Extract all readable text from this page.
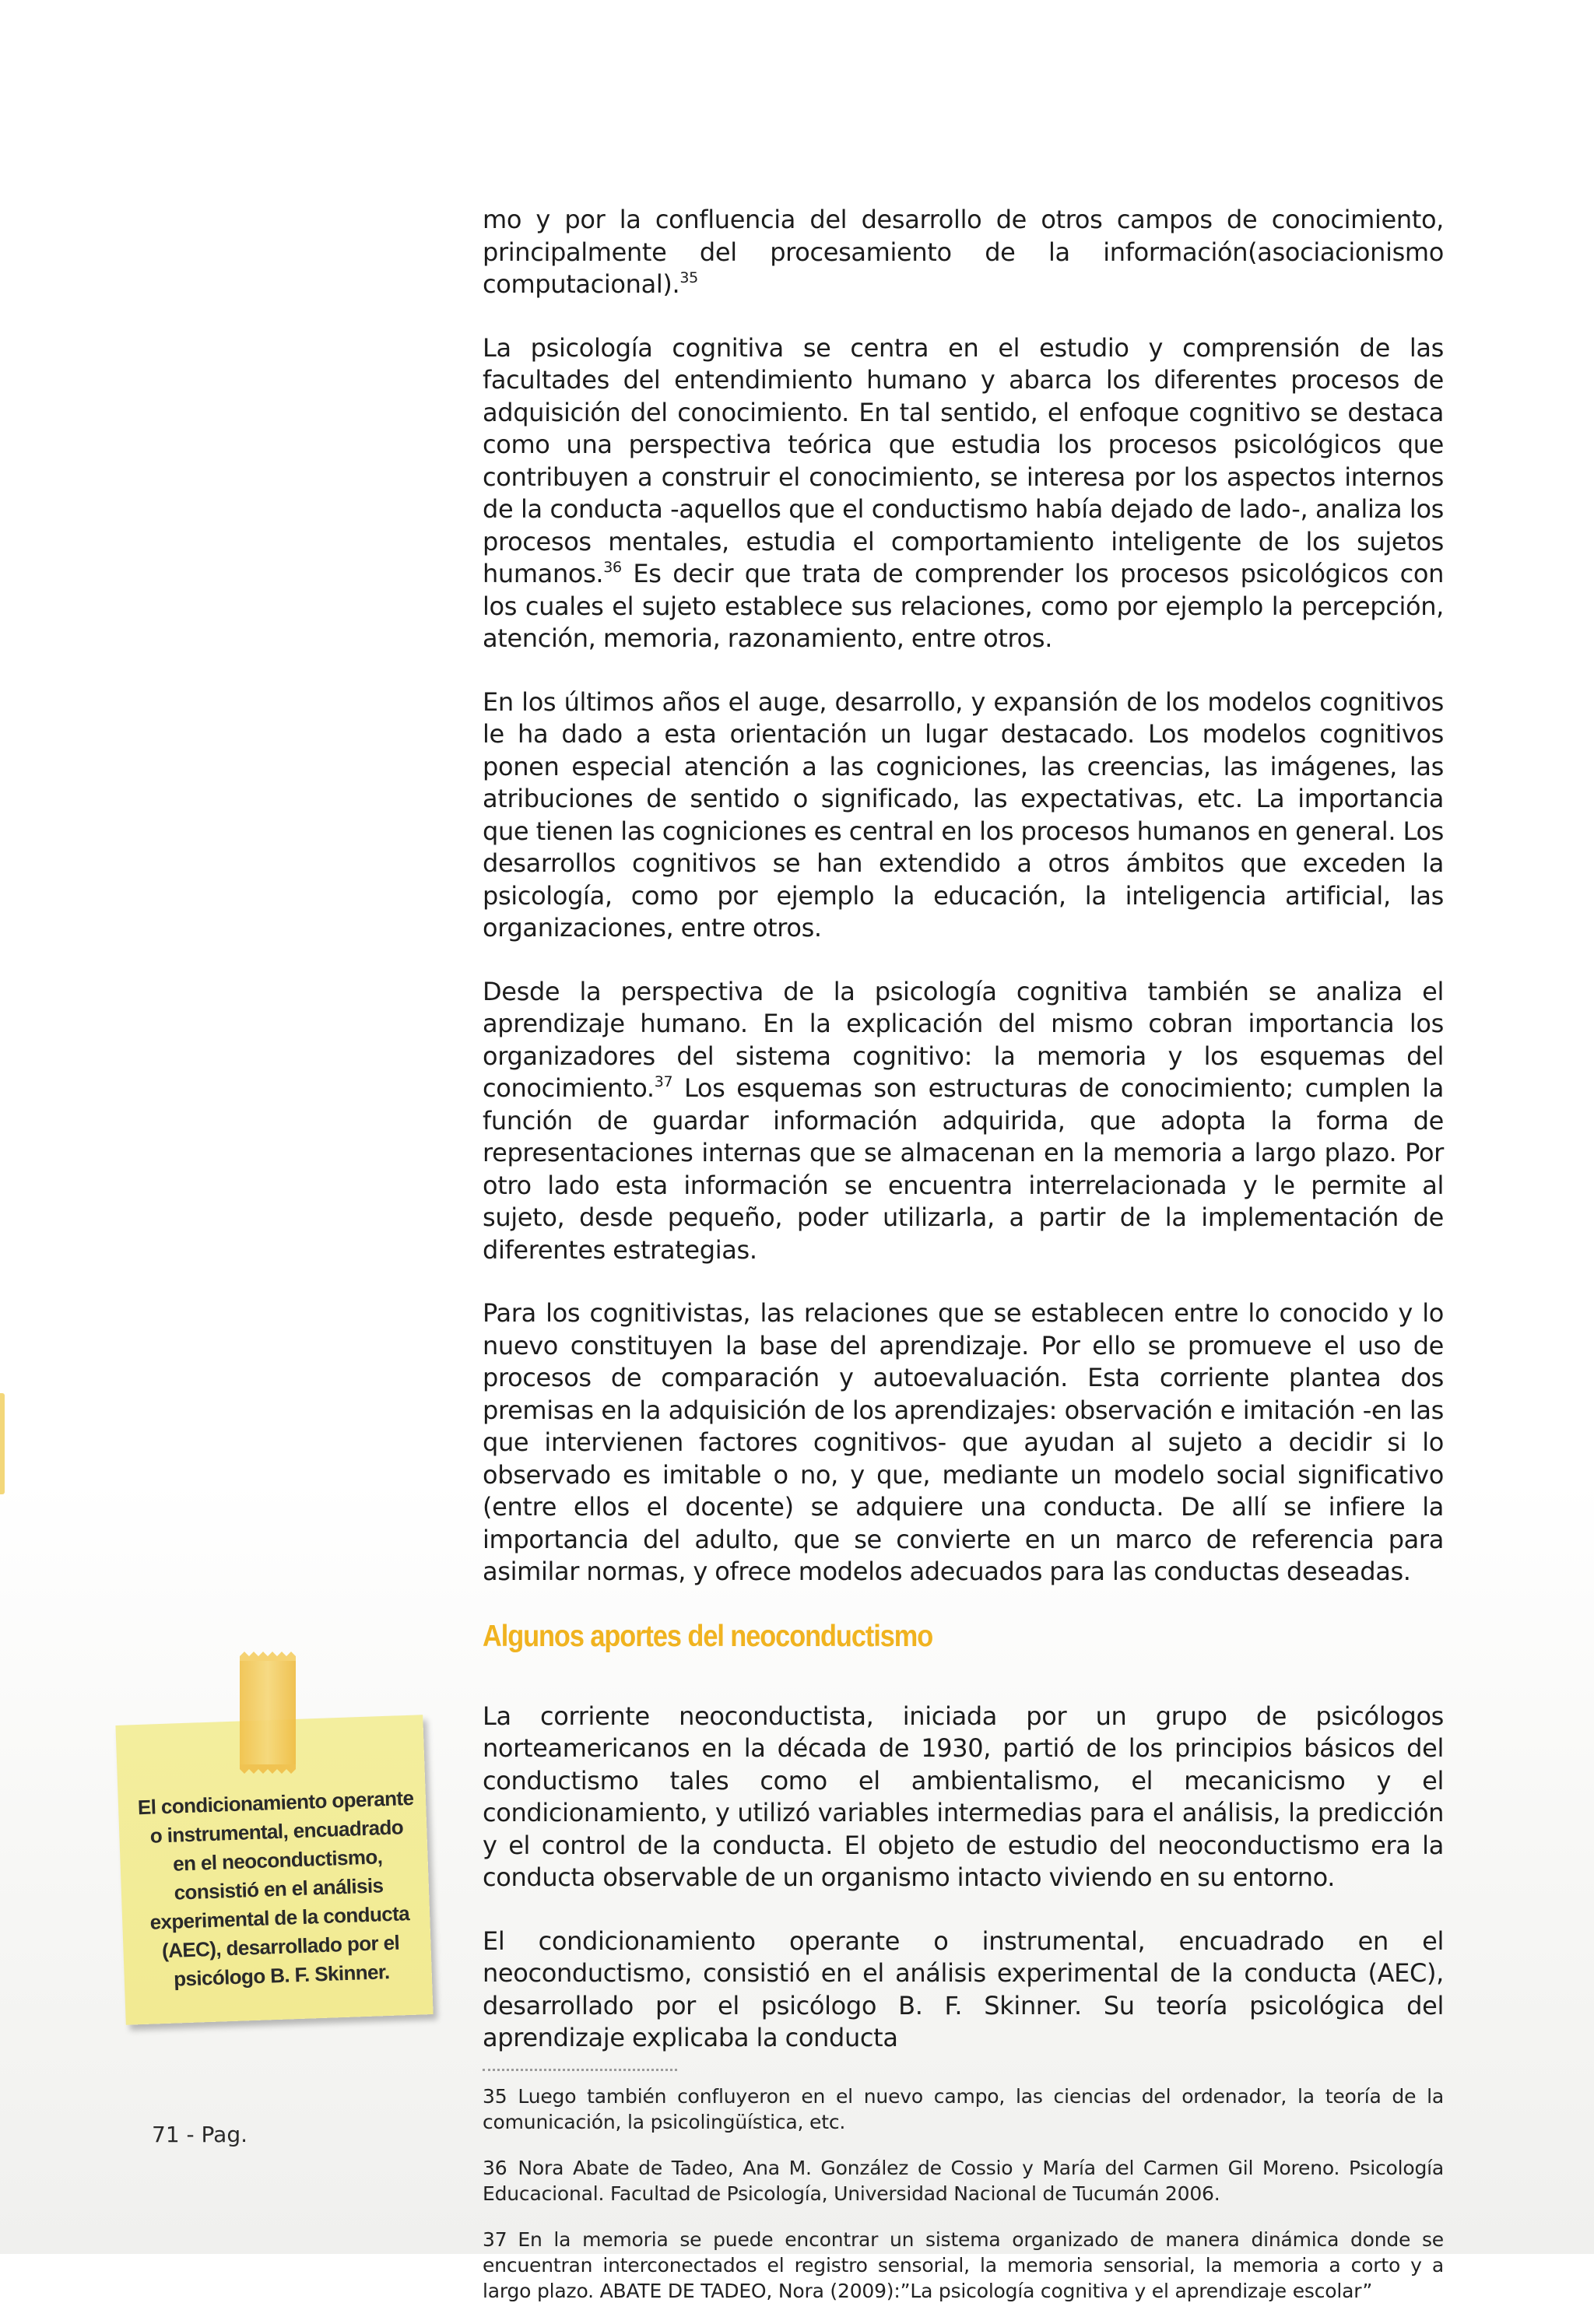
mo y por la confluencia del desarrollo de otros campos de conocimiento, principalmente del procesamiento de la información(asociacionismo computacional).$^{35}$

La psicología cognitiva se centra en el estudio y comprensión de las facultades del entendimiento humano y abarca los diferentes procesos de adquisición del conocimiento. En tal sentido, el enfoque cognitivo se destaca como una perspectiva teórica que estudia los procesos psicológicos que contribuyen a construir el conocimiento, se interesa por los aspectos internos de la conducta -aquellos que el conductismo había dejado de lado-, analiza los procesos mentales, estudia el comportamiento inteligente de los sujetos humanos.$^{36}$ Es decir que trata de comprender los procesos psicológicos con los cuales el sujeto establece sus relaciones, como por ejemplo la percepción, atención, memoria, razonamiento, entre otros.

En los últimos años el auge, desarrollo, y expansión de los modelos cognitivos le ha dado a esta orientación un lugar destacado. Los modelos cognitivos ponen especial atención a las cogniciones, las creencias, las imágenes, las atribuciones de sentido o significado, las expectativas, etc. La importancia que tienen las cogniciones es central en los procesos humanos en general. Los desarrollos cognitivos se han extendido a otros ámbitos que exceden la psicología, como por ejemplo la educación, la inteligencia artificial, las organizaciones, entre otros.

Desde la perspectiva de la psicología cognitiva también se analiza el aprendizaje humano. En la explicación del mismo cobran importancia los organizadores del sistema cognitivo: la memoria y los esquemas del conocimiento.$^{37}$ Los esquemas son estructuras de conocimiento; cumplen la función de guardar información adquirida, que adopta la forma de representaciones internas que se almacenan en la memoria a largo plazo. Por otro lado esta información se encuentra interrelacionada y le permite al sujeto, desde pequeño, poder utilizarla, a partir de la implementación de diferentes estrategias.

Para los cognitivistas, las relaciones que se establecen entre lo conocido y lo nuevo constituyen la base del aprendizaje. Por ello se promueve el uso de procesos de comparación y autoevaluación. Esta corriente plantea dos premisas en la adquisición de los aprendizajes: observación e imitación -en las que intervienen factores cognitivos- que ayudan al sujeto a decidir si lo observado es imitable o no, y que, mediante un modelo social significativo (entre ellos el docente) se adquiere una conducta. De allí se infiere la importancia del adulto, que se convierte en un marco de referencia para asimilar normas, y ofrece modelos adecuados para las conductas deseadas.

Algunos aportes del neoconductismo

La corriente neoconductista, iniciada por un grupo de psicólogos norteamericanos en la década de 1930, partió de los principios básicos del conductismo tales como el ambientalismo, el mecanicismo y el condicionamiento, y utilizó variables intermedias para el análisis, la predicción y el control de la conducta. El objeto de estudio del neoconductismo era la conducta observable de un organismo intacto viviendo en su entorno.

El condicionamiento operante o instrumental, encuadrado en el neoconductismo, consistió en el análisis experimental de la conducta (AEC), desarrollado por el psicólogo B. F. Skinner. Su teoría psicológica del aprendizaje explicaba la conducta

35 Luego también confluyeron en el nuevo campo, las ciencias del ordenador, la teoría de la comunicación, la psicolingüística, etc.

36 Nora Abate de Tadeo, Ana M. González de Cossio y María del Carmen Gil Moreno. Psicología Educacional. Facultad de Psicología, Universidad Nacional de Tucumán 2006.

37 En la memoria se puede encontrar un sistema organizado de manera dinámica donde se encuentran interconectados el registro sensorial, la memoria sensorial, la memoria a corto y a largo plazo. ABATE DE TADEO, Nora (2009):”La psicología cognitiva y el aprendizaje escolar”

El condicionamiento operante o instrumental, encuadrado en el neoconductismo, consistió en el análisis experimental de la conducta (AEC), desarrollado por el psicólogo B. F. Skinner.
71 - Pag.
